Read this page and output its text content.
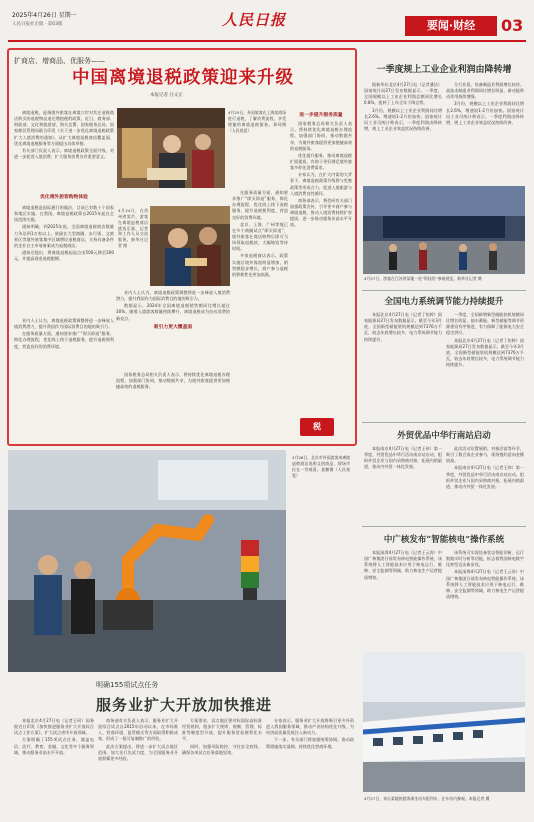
2025年4月26日 星期一
人民日报社出版 · 第03版	人民日报	要闻·财经	03
扩商店、增商品、优服务——
中国离境退税政策迎来升级
本报记者 汪文正

离境退税，是指境外旅客在离境口岸对其在退税商店购买的退税物品退还增值税的政策。近日，商务部、财政部、文化和旅游部、海关总署、国家税务总局、国家移民管理局联合印发《关于进一步优化离境退税政策扩大入境消费的通知》，从扩大离境退税商店覆盖面、优化离境退税服务等方面提出具体举措。

有关部门负责人表示，离境退税政策全面升级，对进一步促进入境消费、扩大服务消费具有重要意义。

4月25日，外国旅客在上海某商场进行退税，了解消费流程，享受便捷的离境退税服务。郑珂摄（人民视觉）
优化境外旅客购物体验

离境退税是国际通行的做法，目前已有数十个国家和地区实施。在我国，离境退税政策自2015年起在全国范围实施。

通知明确，到2025年底，全国离境退税商店数量力争达到1万家以上。鼓励在大型商圈、步行街、文旅景区等境外旅客集中区域增设退税商店，支持具备条件的企业自主申请备案成为退税商店。

通知还提出，将离境退税起退点由500元降至200元，并提高现金退税限额。

4月24日，在贵州省某市，游客在离境退税商店挑选乐器，记者和工作人员交流服务。新华社记者 摄

业内人士认为，离境退税政策调整将进一步释放入境消费潜力，提升我国作为国际消费目的地的吸引力。

数据显示，2024年全国离境退税销售额同比增长超过30%。随着入境游客数量持续攀升，离境退税成为拉动消费的新亮点。

吸引力更大覆盖面

在服务质量方面，通知要求推广“即买即退”服务，简化办理流程，优化线上线下退税服务，提升退税便利度，营造良好的消费环境。

北京、上海、广州等地已在多个商圈试点“即买即退”，境外旅客在商店购物后即可当场领取退税款，大幅缩短等待时间。

多家退税商店表示，政策实施后境外客流明显增加，销售额稳步增长，商户参与退税的积极性也更加高涨。

进一步提升服务质量

国家税务总局相关负责人表示，将持续优化离境退税办理流程，加强部门协同，推动数据共享，为境外旅客提供更加便捷高效的退税服务。

优化提升服务，推动离境退税扩面提质，有助于更好满足境外旅客多样化消费需求。

专家认为，在扩大内需的大背景下，离境退税政策升级将与免签政策等形成合力，促进入境旅游与入境消费良性循环。

商务部表示，将会同有关部门加强政策宣传，引导更多商户参与离境退税，推动入境消费持续扩容提质，进一步推动服务业高水平开放。

业内人士认为，离境退税政策调整将进一步释放入境消费潜力，提升我国作为国际消费目的地的吸引力。

在服务质量方面，通知要求推广“即买即退”服务，简化办理流程，优化线上线下退税服务，提升退税便利度，营造良好的消费环境。

国家税务总局相关负责人表示，将持续优化离境退税办理流程，加强部门协同，推动数据共享，为境外旅客提供更加便捷高效的退税服务。

税
4月26日，北京市外国游客来离境退税商店选购文创商品，现场市民在一旁观看。聂鹏摄（人民视觉）
明确155项试点任务
服务业扩大开放加快推进

本报北京4月27日电（记者王珂）国务院近日印发《加快推进服务业扩大开放综合试点工作方案》，扩大试点省市开放领域。

方案明确了155项试点任务，涵盖电信、医疗、教育、金融、文化等多个服务领域，推动服务业高水平开放。

商务部有关负责人表示，服务业扩大开放综合试点自2015年启动以来，在市场准入、营商环境、监管模式等方面取得积极成效，形成了一批可复制推广的经验。

此次方案提出，将进一步扩大试点地区范围，加大先行先试力度，为全国服务业开放积累更多经验。

方案要求，试点地区要对标国际高标准经贸规则，稳步扩大规则、规制、管理、标准等制度型开放，提升服务贸易便利化水平。

同时，加强风险防控，守住安全底线，确保各项试点任务落地见效。

专家表示，服务业扩大开放将吸引更多外资进入我国服务领域，推动产业结构优化升级，为经济高质量发展注入新动力。

下一步，有关部门将加强统筹协调，推动政策措施落实落细，持续优化营商环境。

一季度规上工业企业利润由降转增

据新华社北京4月27日电（记者潘洁）国家统计局27日发布数据显示，一季度，全国规模以上工业企业利润总额同比增长0.8%，扭转了上年全年下降态势。

3月份，规模以上工业企业利润同比增长2.6%，增速较1-2月份加快。国家统计局工业司统计师表示，一季度利润由降转增，规上工业企业效益状况持续改善。

分行业看，装备制造业利润增长较快，高技术制造业利润同比增长明显，新动能带动作用持续增强。

3月份，规模以上工业企业利润同比增长2.6%，增速较1-2月份加快。国家统计局工业司统计师表示，一季度利润由降转增，规上工业企业效益状况持续改善。

4月27日，游客在江苏省某地一处“科技馆”参观展览。新华社记者 摄
全国电力系统调节能力持续提升

本报北京4月27日电（记者丁怡婷）国家能源局27日发布数据显示，截至今年3月底，全国新型储能装机规模达到7376万千瓦，较去年底增长较多，电力系统调节能力持续提升。

一季度，全国新增新型储能装机规模同比增长明显，抽水蓄能、新型储能等调节资源建设有序推进，有力保障了能源电力安全稳定供应。

本报北京4月27日电（记者丁怡婷）国家能源局27日发布数据显示，截至今年3月底，全国新型储能装机规模达到7376万千瓦，较去年底增长较多，电力系统调节能力持续提升。

外贸优品中华行南站启动

本报南京4月27日电（记者王伟）第一季度，外贸优品中华行活动南京站启动，组织外贸企业与国内采购商对接，拓展内销渠道，推动内外贸一体化发展。

此次活动设置展销、对接洽谈等环节，吸引了数百家企业参与，现场签约意向金额较高。

本报南京4月27日电（记者王伟）第一季度，外贸优品中华行活动南京站启动，组织外贸企业与国内采购商对接，拓展内销渠道，推动内外贸一体化发展。

中广核发布“智能核电”操作系统

本报深圳4月27日电（记者王云涛）中国广核集团日前发布核电智能操作系统，该系统将人工智能技术应用于核电运行、维修、安全监测等领域，助力核电生产运营提质增效。

该系统可实现设备状态智能诊断、运行数据实时分析等功能，标志着我国核电数字化转型迈出新步伐。

本报深圳4月27日电（记者王云涛）中国广核集团日前发布核电智能操作系统，该系统将人工智能技术应用于核电运行、维修、安全监测等领域，助力核电生产运营提质增效。

4月27日，来自某地的游客乘坐动车组列车，在车站内参观。本报记者 摄
